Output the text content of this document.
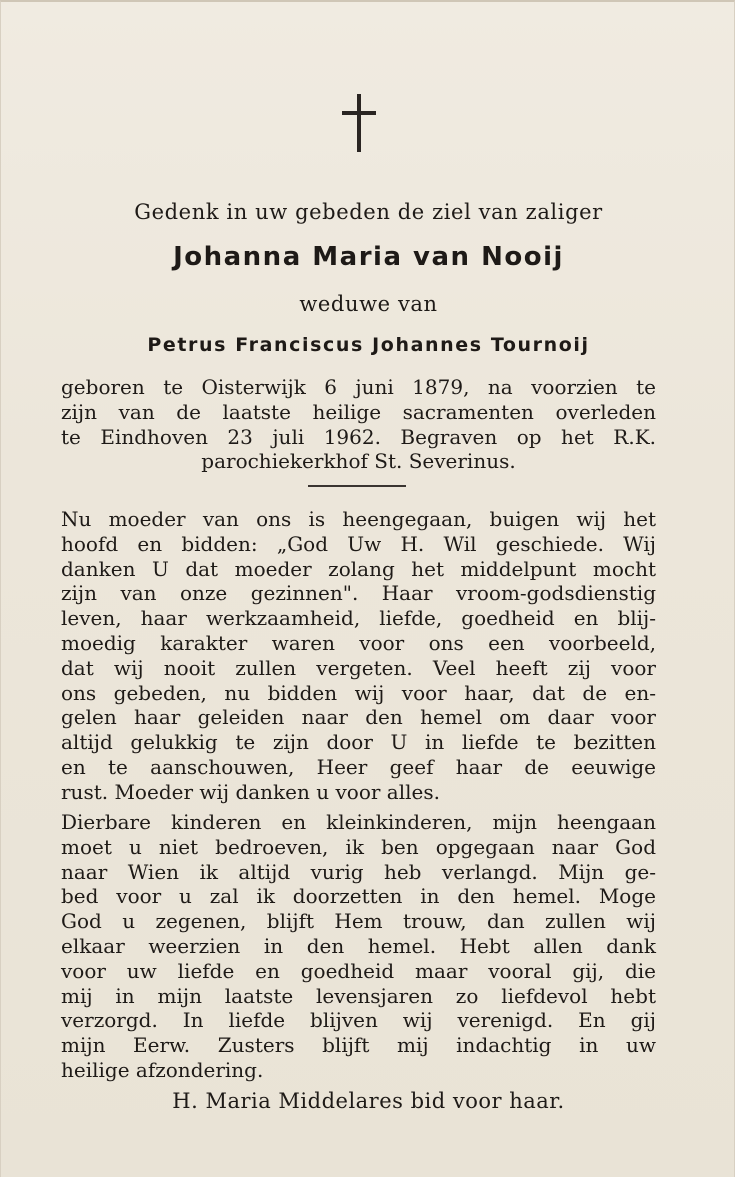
Gedenk in uw gebeden de ziel van zaliger
Johanna Maria van Nooij
weduwe van
Petrus Franciscus Johannes Tournoij
geboren te Oisterwijk 6 juni 1879, na voorzien te
zijn van de laatste heilige sacramenten overleden
te Eindhoven 23 juli 1962. Begraven op het R.K.
parochiekerkhof St. Severinus.
Nu moeder van ons is heengegaan, buigen wij het
hoofd en bidden: „God Uw H. Wil geschiede. Wij
danken U dat moeder zolang het middelpunt mocht
zijn van onze gezinnen". Haar vroom-godsdienstig
leven, haar werkzaamheid, liefde, goedheid en blij-
moedig karakter waren voor ons een voorbeeld,
dat wij nooit zullen vergeten. Veel heeft zij voor
ons gebeden, nu bidden wij voor haar, dat de en-
gelen haar geleiden naar den hemel om daar voor
altijd gelukkig te zijn door U in liefde te bezitten
en te aanschouwen, Heer geef haar de eeuwige
rust. Moeder wij danken u voor alles.
Dierbare kinderen en kleinkinderen, mijn heengaan
moet u niet bedroeven, ik ben opgegaan naar God
naar Wien ik altijd vurig heb verlangd. Mijn ge-
bed voor u zal ik doorzetten in den hemel. Moge
God u zegenen, blijft Hem trouw, dan zullen wij
elkaar weerzien in den hemel. Hebt allen dank
voor uw liefde en goedheid maar vooral gij, die
mij in mijn laatste levensjaren zo liefdevol hebt
verzorgd. In liefde blijven wij verenigd. En gij
mijn Eerw. Zusters blijft mij indachtig in uw
heilige afzondering.
H. Maria Middelares bid voor haar.
